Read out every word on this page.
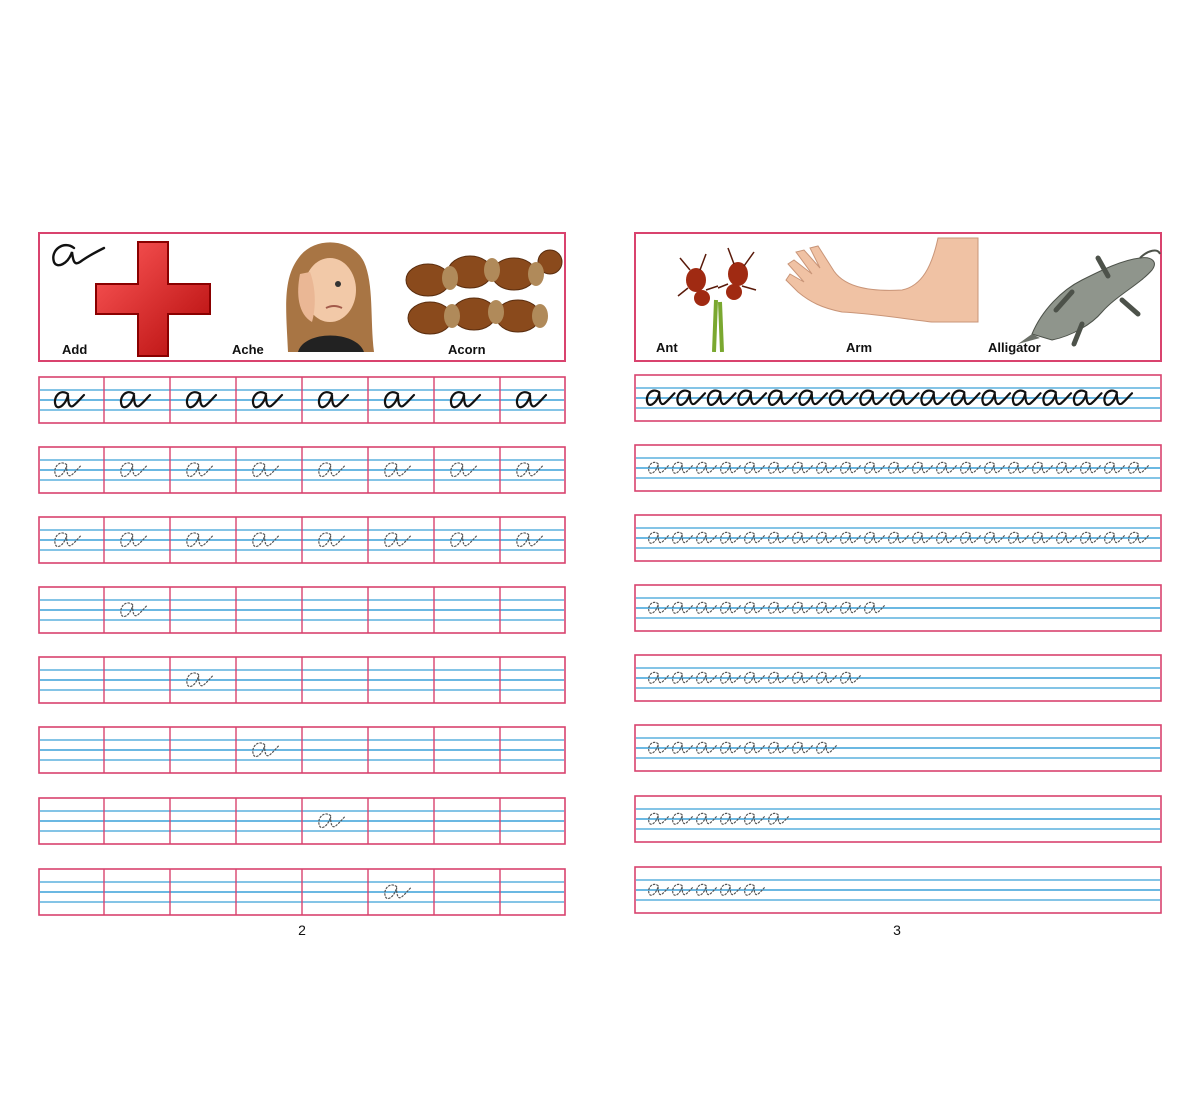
Add	Ache	Acorn
2
Ant	Arm	Alligator
3
